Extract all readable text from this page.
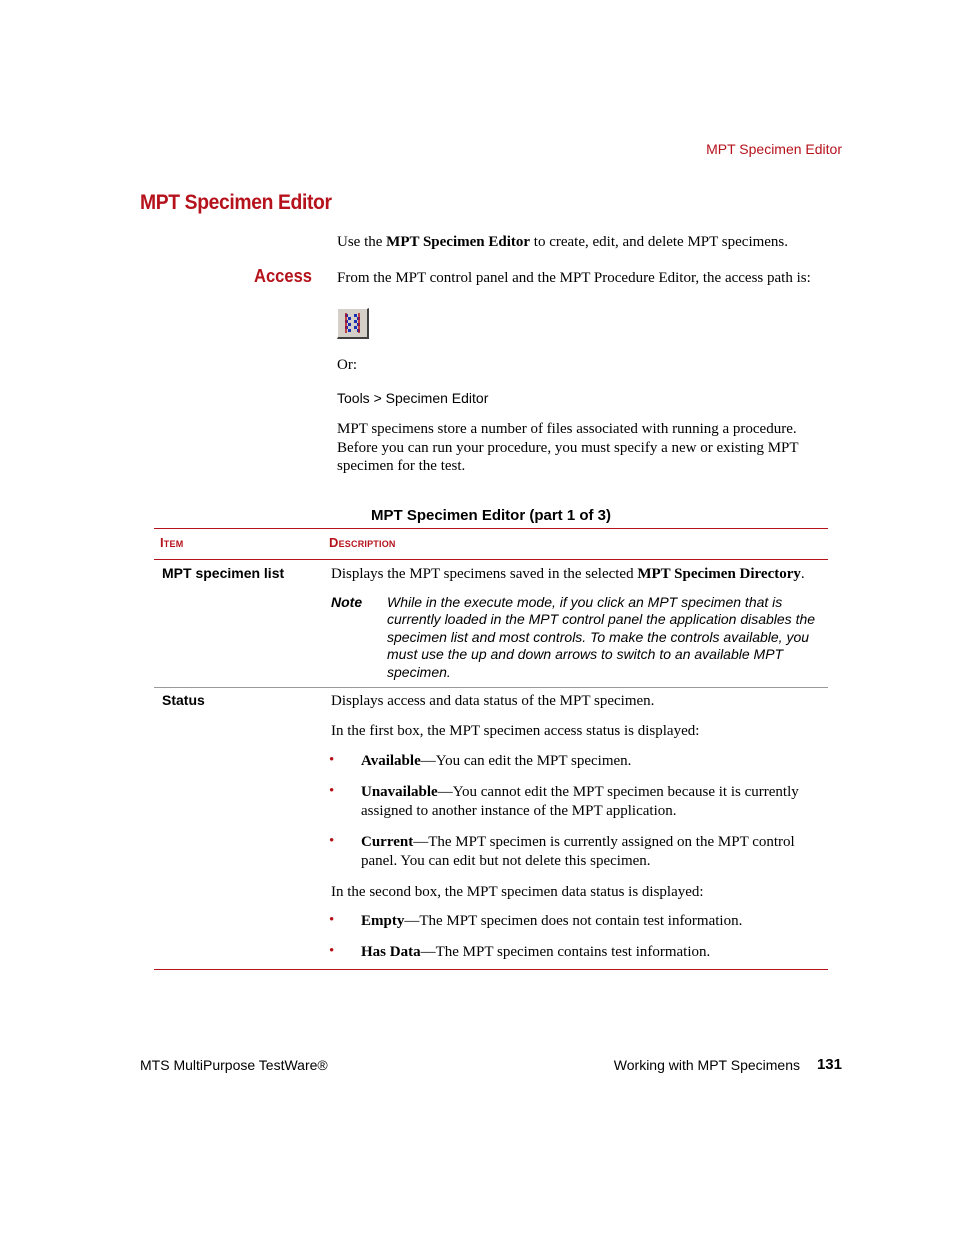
MPT Specimen Editor
MPT Specimen Editor
Use the MPT Specimen Editor to create, edit, and delete MPT specimens.
Access From the MPT control panel and the MPT Procedure Editor, the access path is:
Or:
Tools > Specimen Editor
MPT specimens store a number of files associated with running a procedure. Before you can run your procedure, you must specify a new or existing MPT specimen for the test.
MPT Specimen Editor (part 1 of 3)
Item	Description
MPT specimen list	Displays the MPT specimens saved in the selected MPT Specimen Directory.
Note While in the execute mode, if you click an MPT specimen that is currently loaded in the MPT control panel the application disables the specimen list and most controls. To make the controls available, you must use the up and down arrows to switch to an available MPT specimen.
Status	Displays access and data status of the MPT specimen.
In the first box, the MPT specimen access status is displayed:
• Available—You can edit the MPT specimen.
• Unavailable—You cannot edit the MPT specimen because it is currently assigned to another instance of the MPT application.
• Current—The MPT specimen is currently assigned on the MPT control panel. You can edit but not delete this specimen.
In the second box, the MPT specimen data status is displayed:
• Empty—The MPT specimen does not contain test information.
• Has Data—The MPT specimen contains test information.
MTS MultiPurpose TestWare®	Working with MPT Specimens	131
